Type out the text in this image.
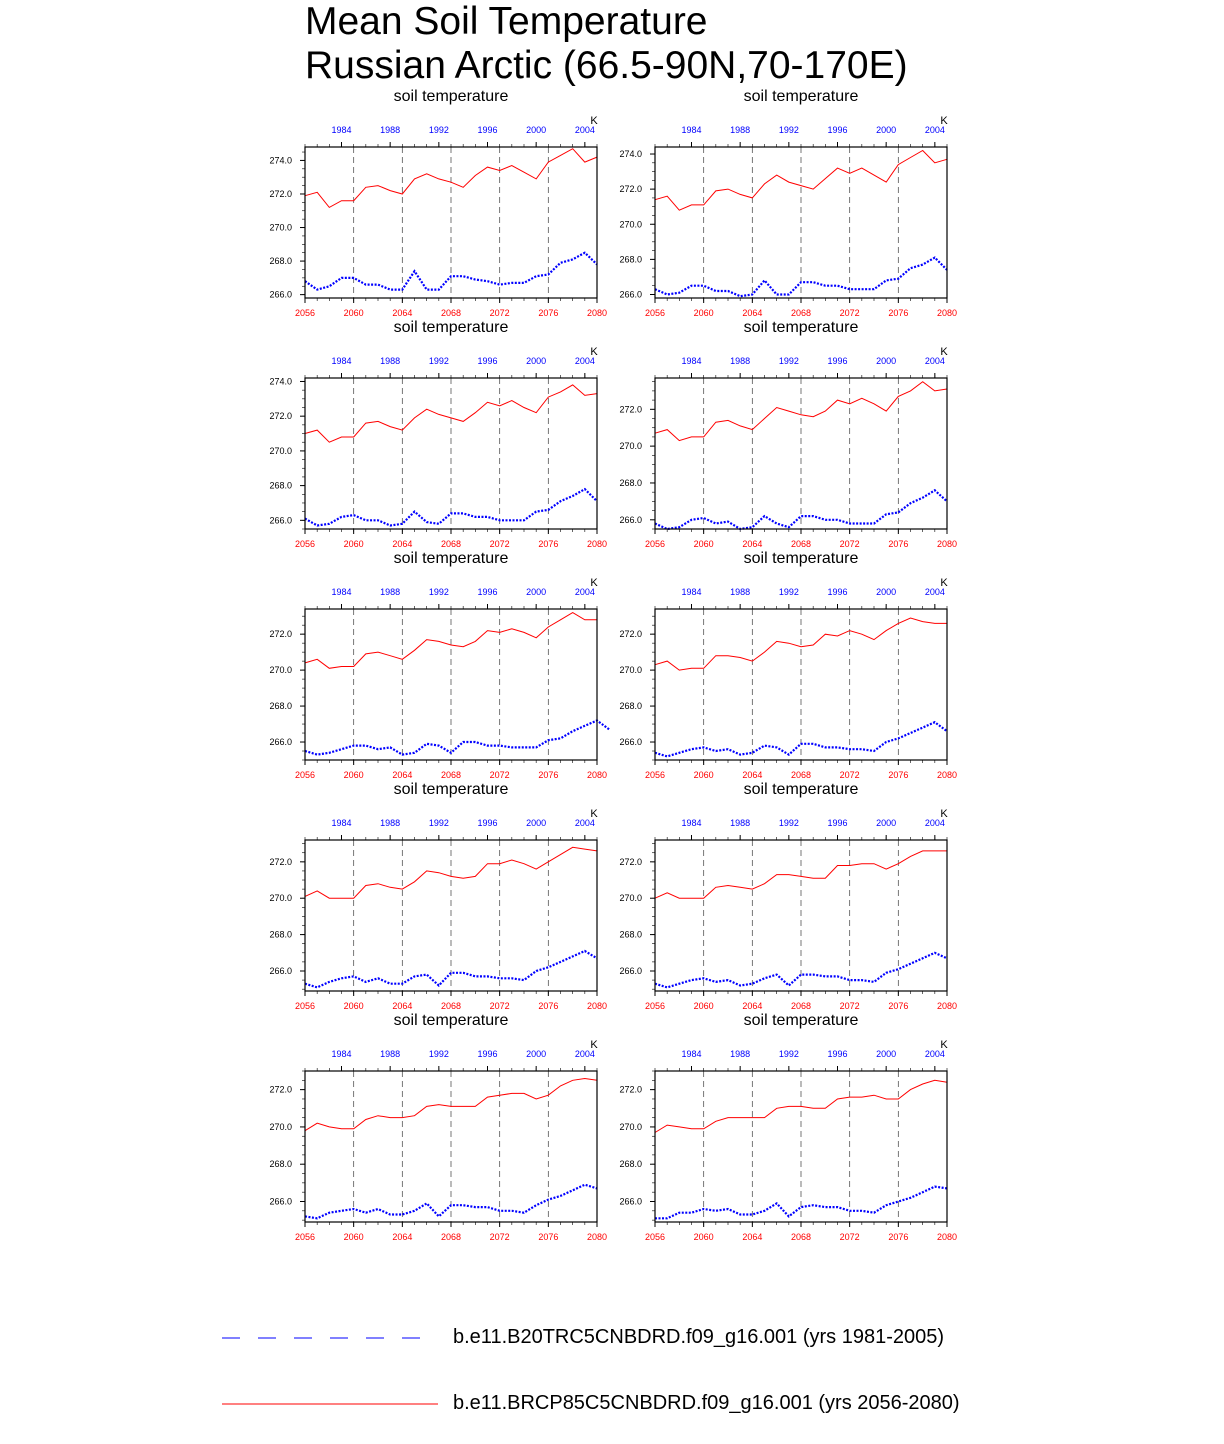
Mean Soil Temperature
Russian Arctic (66.5-90N,70-170E)
soil temperature
K
2056	2060	2064	2068	2072	2076	2080
1984	1988	1992	1996	2000	2004
266.0
268.0
270.0
272.0
274.0
soil temperature
K
2056	2060	2064	2068	2072	2076	2080
1984	1988	1992	1996	2000	2004
266.0
268.0
270.0
272.0
274.0
soil temperature
K
2056	2060	2064	2068	2072	2076	2080
1984	1988	1992	1996	2000	2004
266.0
268.0
270.0
272.0
274.0
soil temperature
K
2056	2060	2064	2068	2072	2076	2080
1984	1988	1992	1996	2000	2004
266.0
268.0
270.0
272.0
soil temperature
K
2056	2060	2064	2068	2072	2076	2080
1984	1988	1992	1996	2000	2004
266.0
268.0
270.0
272.0
soil temperature
K
2056	2060	2064	2068	2072	2076	2080
1984	1988	1992	1996	2000	2004
266.0
268.0
270.0
272.0
soil temperature
K
2056	2060	2064	2068	2072	2076	2080
1984	1988	1992	1996	2000	2004
266.0
268.0
270.0
272.0
soil temperature
K
2056	2060	2064	2068	2072	2076	2080
1984	1988	1992	1996	2000	2004
266.0
268.0
270.0
272.0
soil temperature
K
2056	2060	2064	2068	2072	2076	2080
1984	1988	1992	1996	2000	2004
266.0
268.0
270.0
272.0
soil temperature
K
2056	2060	2064	2068	2072	2076	2080
1984	1988	1992	1996	2000	2004
266.0
268.0
270.0
272.0
b.e11.B20TRC5CNBDRD.f09_g16.001 (yrs 1981-2005)
b.e11.BRCP85C5CNBDRD.f09_g16.001 (yrs 2056-2080)
